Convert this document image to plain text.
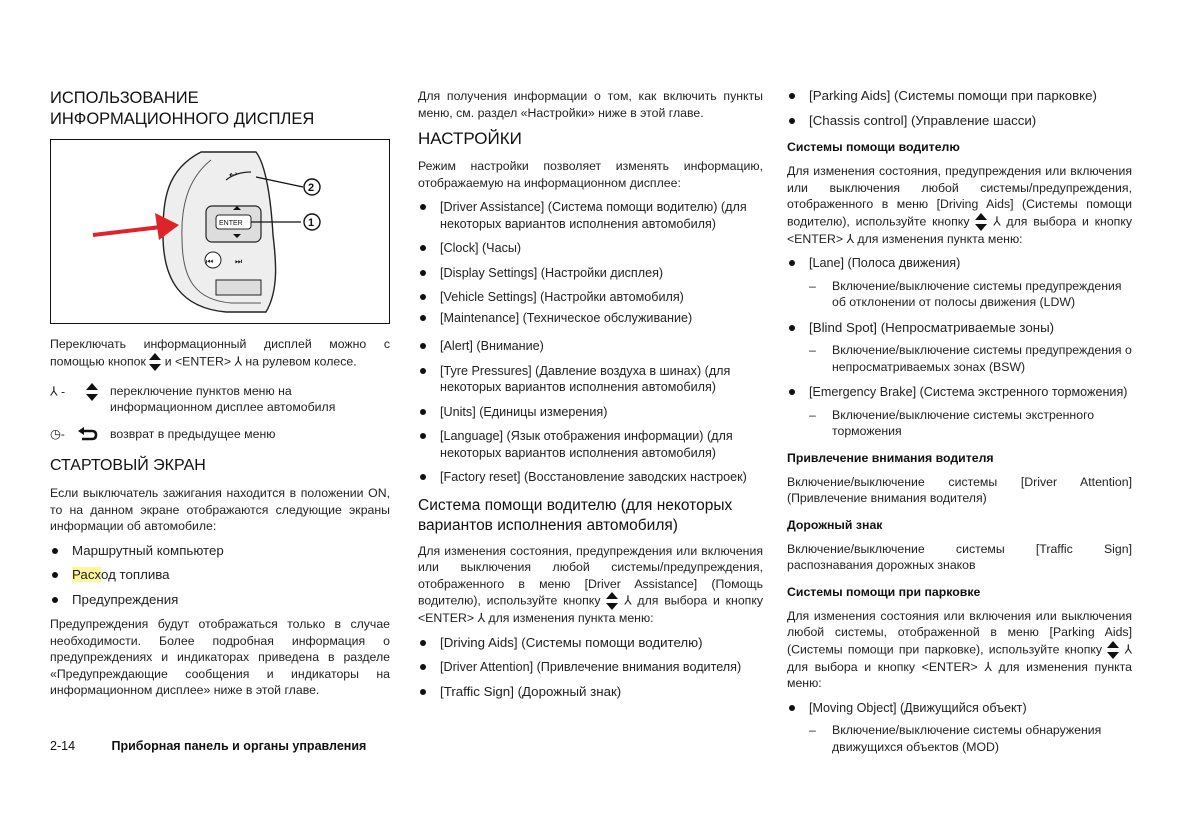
ИСПОЛЬЗОВАНИЕ ИНФОРМАЦИОННОГО ДИСПЛЕЯ
ENTER
↩
⏮	⏭
2
1

Переключать информационный дисплей можно с помощью кнопок и <ENTER> ⅄ на рулевом колесе.

⅄ -	переключение пунктов меню на информационном дисплее автомобиля
◷-	возврат в предыдущее меню
СТАРТОВЫЙ ЭКРАН

Если выключатель зажигания находится в положении ON, то на данном экране отображаются следующие экраны информации об автомобиле:

Маршрутный компьютер
Расход топлива
Предупреждения

Предупреждения будут отображаться только в случае необходимости. Более подробная информация о предупреждениях и индикаторах приведена в разделе «Предупреждающие сообщения и индикаторы на информационном дисплее» ниже в этой главе.

Для получения информации о том, как включить пункты меню, см. раздел «Настройки» ниже в этой главе.

НАСТРОЙКИ

Режим настройки позволяет изменять информацию, отображаемую на информационном дисплее:

[Driver Assistance] (Система помощи водителю) (для некоторых вариантов исполнения автомобиля)
[Clock] (Часы)
[Display Settings] (Настройки дисплея)
[Vehicle Settings] (Настройки автомобиля)
[Maintenance] (Техническое обслуживание)
[Alert] (Внимание)
[Tyre Pressures] (Давление воздуха в шинах) (для некоторых вариантов исполнения автомобиля)
[Units] (Единицы измерения)
[Language] (Язык отображения информации) (для некоторых вариантов исполнения автомобиля)
[Factory reset] (Восстановление заводских настроек)
Система помощи водителю (для некоторых вариантов исполнения автомобиля)

Для изменения состояния, предупреждения или включения или выключения любой системы/предупреждения, отображенного в меню [Driver Assistance] (Помощь водителю), используйте кнопку ⅄ для выбора и кнопку <ENTER> ⅄ для изменения пункта меню:

[Driving Aids] (Системы помощи водителю)
[Driver Attention] (Привлечение внимания водителя)
[Traffic Sign] (Дорожный знак)
[Parking Aids] (Системы помощи при парковке)
[Chassis control] (Управление шасси)
Системы помощи водителю

Для изменения состояния, предупреждения или включения или выключения любой системы/предупреждения, отображенного в меню [Driving Aids] (Системы помощи водителю), используйте кнопку ⅄ для выбора и кнопку <ENTER> ⅄ для изменения пункта меню:

[Lane] (Полоса движения)
– Включение/выключение системы предупреждения об отклонении от полосы движения (LDW)
[Blind Spot] (Непросматриваемые зоны)
– Включение/выключение системы предупреждения о непросматриваемых зонах (BSW)
[Emergency Brake] (Система экстренного торможения)
– Включение/выключение системы экстренного торможения
Привлечение внимания водителя

Включение/выключение системы [Driver Attention] (Привлечение внимания водителя)

Дорожный знак

Включение/выключение системы [Traffic Sign] распознавания дорожных знаков

Системы помощи при парковке

Для изменения состояния или включения или выключения любой системы, отображенной в меню [Parking Aids] (Системы помощи при парковке), используйте кнопку ⅄ для выбора и кнопку <ENTER> ⅄ для изменения пункта меню:

[Moving Object] (Движущийся объект)
– Включение/выключение системы обнаружения движущихся объектов (MOD)
2-14	Приборная панель и органы управления
